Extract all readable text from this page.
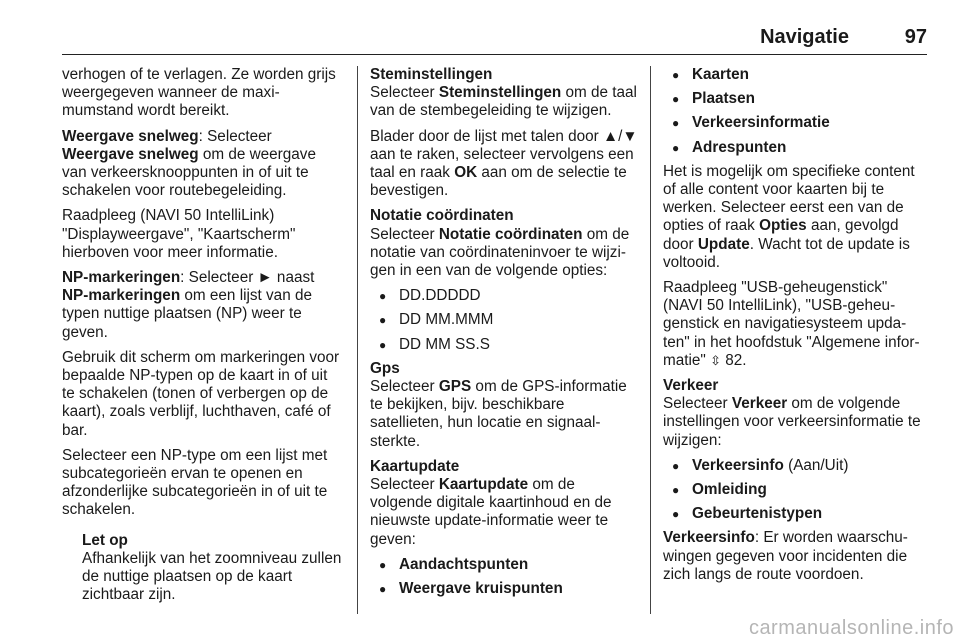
Navigatie	97

verhogen of te verlagen. Ze worden grijs weergegeven wanneer de maximumstand wordt bereikt.

Weergave snelweg: Selecteer Weergave snelweg om de weergave van verkeersknooppunten in of uit te schakelen voor routebegeleiding.

Raadpleeg (NAVI 50 IntelliLink) "Displayweergave", "Kaartscherm" hierboven voor meer informatie.

NP-markeringen: Selecteer ► naast NP-markeringen om een lijst van de typen nuttige plaatsen (NP) weer te geven.

Gebruik dit scherm om markeringen voor bepaalde NP-typen op de kaart in of uit te schakelen (tonen of verbergen op de kaart), zoals verblijf, luchthaven, café of bar.

Selecteer een NP-type om een lijst met subcategorieën ervan te openen en afzonderlijke subcategorieën in of uit te schakelen.

Let op
Afhankelijk van het zoomniveau zullen de nuttige plaatsen op de kaart zichtbaar zijn.
Steminstellingen

Selecteer Steminstellingen om de taal van de stembegeleiding te wijzigen.

Blader door de lijst met talen door ▲/▼ aan te raken, selecteer vervolgens een taal en raak OK aan om de selectie te bevestigen.

Notatie coördinaten

Selecteer Notatie coördinaten om de notatie van coördinateninvoer te wijzigen in een van de volgende opties:

● DD.DDDDD
● DD MM.MMM
● DD MM SS.S
Gps

Selecteer GPS om de GPS-informatie te bekijken, bijv. beschikbare satellieten, hun locatie en signaalsterkte.

Kaartupdate

Selecteer Kaartupdate om de volgende digitale kaartinhoud en de nieuwste update-informatie weer te geven:

● Aandachtspunten
● Weergave kruispunten
● Kaarten
● Plaatsen
● Verkeersinformatie
● Adrespunten

Het is mogelijk om specifieke content of alle content voor kaarten bij te werken. Selecteer eerst een van de opties of raak Opties aan, gevolgd door Update. Wacht tot de update is voltooid.

Raadpleeg "USB-geheugenstick" (NAVI 50 IntelliLink), "USB-geheugenstick en navigatiesysteem updaten" in het hoofdstuk "Algemene informatie" ⇳ 82.

Verkeer

Selecteer Verkeer om de volgende instellingen voor verkeersinformatie te wijzigen:

● Verkeersinfo (Aan/Uit)
● Omleiding
● Gebeurtenistypen

Verkeersinfo: Er worden waarschuwingen gegeven voor incidenten die zich langs de route voordoen.

carmanualsonline.info
